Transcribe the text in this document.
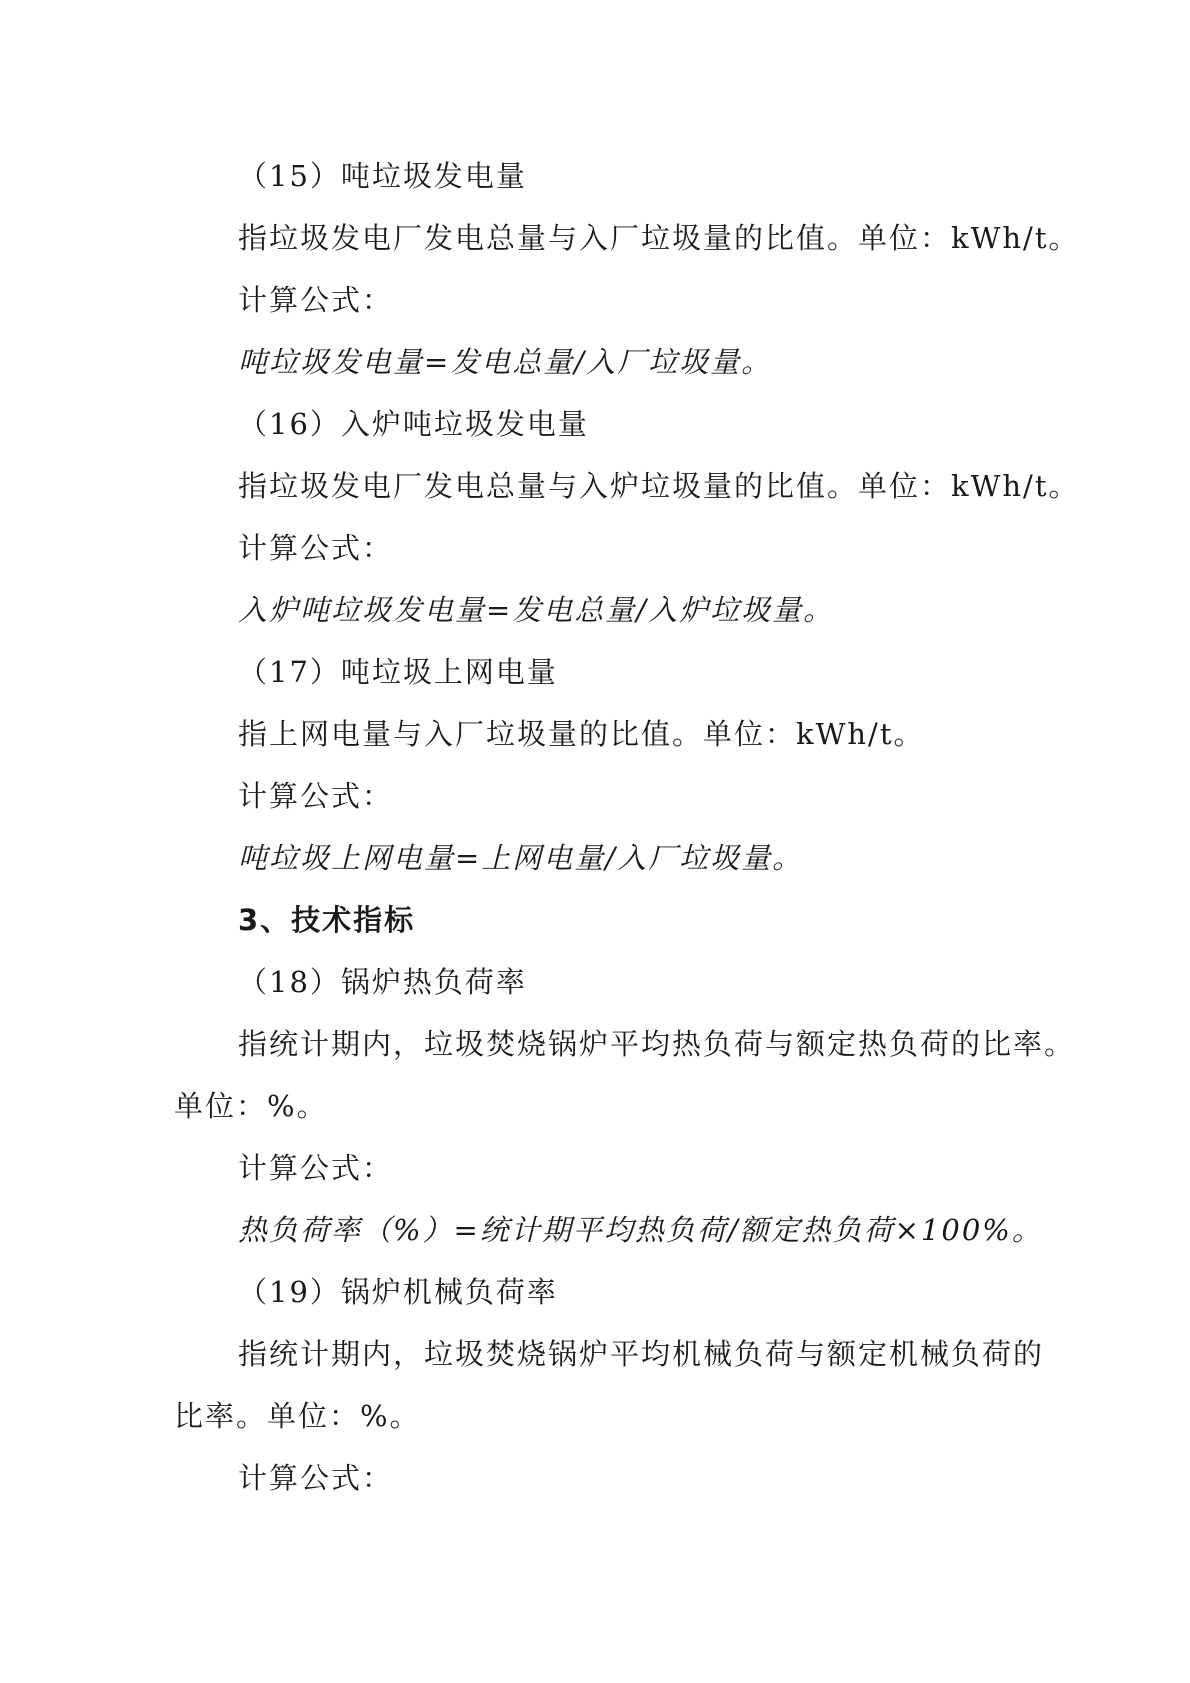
（15）吨垃圾发电量
指垃圾发电厂发电总量与入厂垃圾量的比值。单位：kWh/t。
计算公式：
吨垃圾发电量=发电总量/入厂垃圾量。
（16）入炉吨垃圾发电量
指垃圾发电厂发电总量与入炉垃圾量的比值。单位：kWh/t。
计算公式：
入炉吨垃圾发电量=发电总量/入炉垃圾量。
（17）吨垃圾上网电量
指上网电量与入厂垃圾量的比值。单位：kWh/t。
计算公式：
吨垃圾上网电量=上网电量/入厂垃圾量。
3、技术指标
（18）锅炉热负荷率
指统计期内，垃圾焚烧锅炉平均热负荷与额定热负荷的比率。
单位：%。
计算公式：
热负荷率（%）=统计期平均热负荷/额定热负荷×100%。
（19）锅炉机械负荷率
指统计期内，垃圾焚烧锅炉平均机械负荷与额定机械负荷的
比率。单位：%。
计算公式：
